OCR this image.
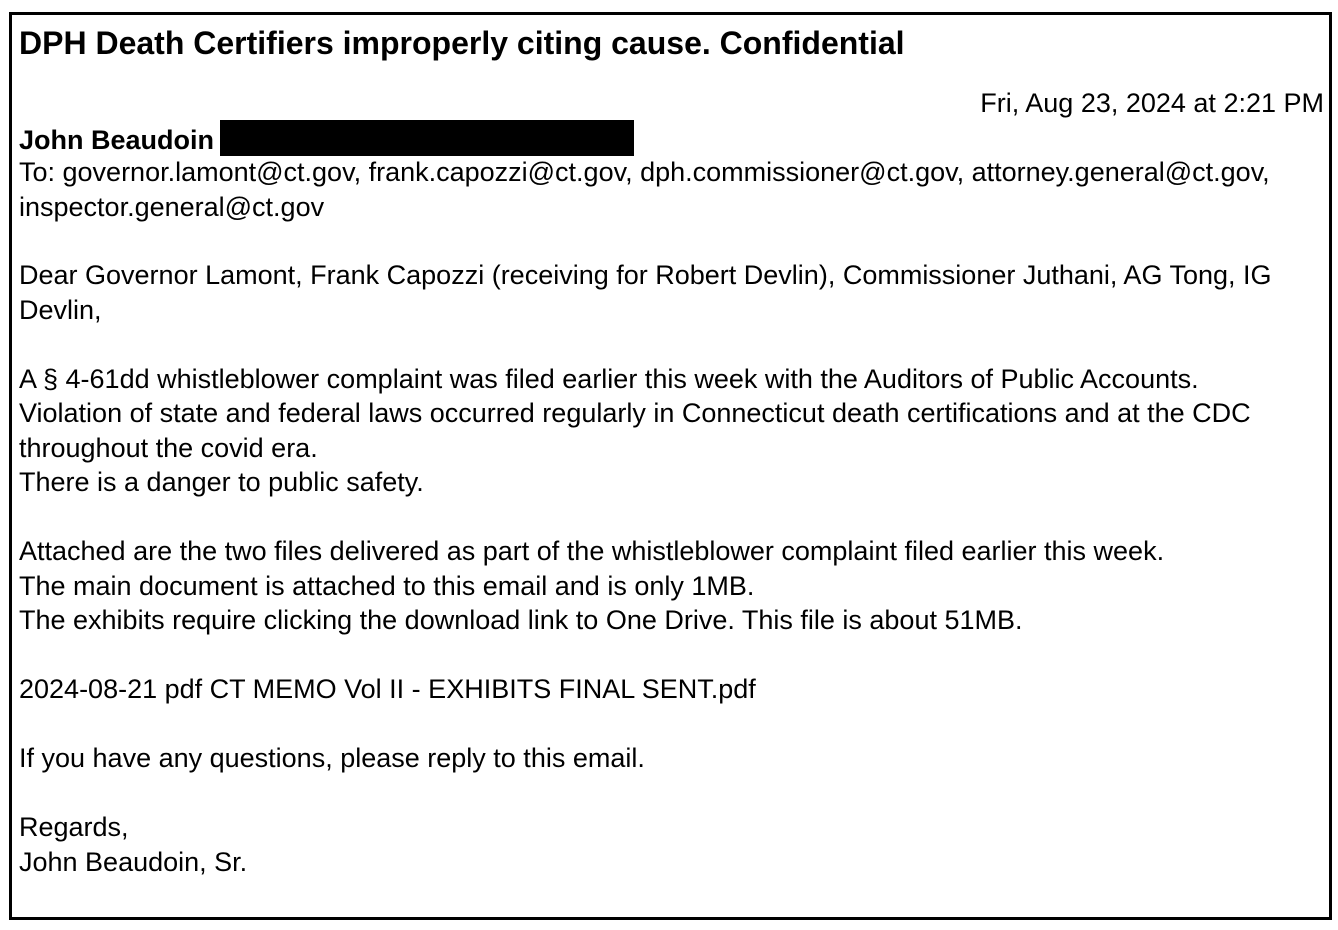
DPH Death Certifiers improperly citing cause. Confidential
Fri, Aug 23, 2024 at 2:21 PM
John Beaudoin
To: governor.lamont@ct.gov, frank.capozzi@ct.gov, dph.commissioner@ct.gov, attorney.general@ct.gov, inspector.general@ct.gov

Dear Governor Lamont, Frank Capozzi (receiving for Robert Devlin), Commissioner Juthani, AG Tong, IG Devlin,

A § 4-61dd whistleblower complaint was filed earlier this week with the Auditors of Public Accounts.
Violation of state and federal laws occurred regularly in Connecticut death certifications and at the CDC throughout the covid era.
There is a danger to public safety.

Attached are the two files delivered as part of the whistleblower complaint filed earlier this week.
The main document is attached to this email and is only 1MB.
The exhibits require clicking the download link to One Drive. This file is about 51MB.

2024-08-21 pdf CT MEMO Vol II - EXHIBITS FINAL SENT.pdf

If you have any questions, please reply to this email.

Regards,
John Beaudoin, Sr.
